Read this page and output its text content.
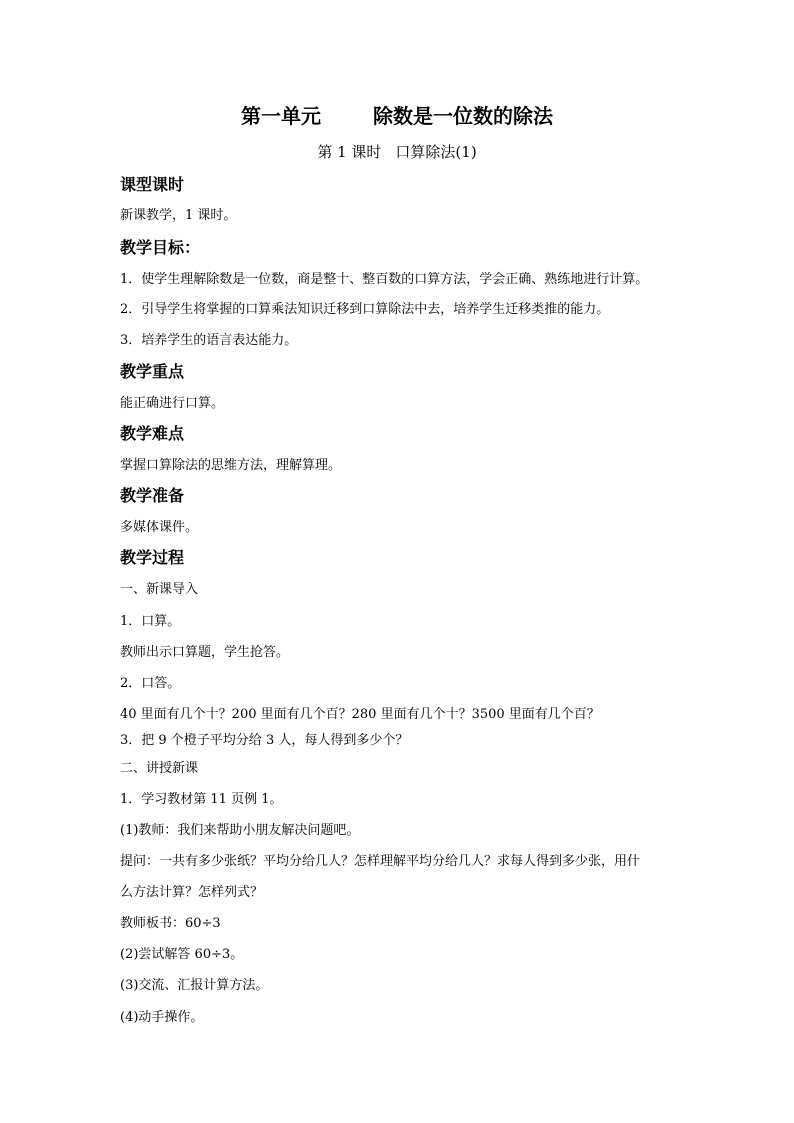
第一单元	除数是一位数的除法
第 1 课时 口算除法(1)
课型课时
新课教学，1 课时。
教学目标：
1．使学生理解除数是一位数，商是整十、整百数的口算方法，学会正确、熟练地进行计算。
2．引导学生将掌握的口算乘法知识迁移到口算除法中去，培养学生迁移类推的能力。
3．培养学生的语言表达能力。
教学重点
能正确进行口算。
教学难点
掌握口算除法的思维方法，理解算理。
教学准备
多媒体课件。
教学过程
一、新课导入
1．口算。
教师出示口算题，学生抢答。
2．口答。
40 里面有几个十？200 里面有几个百？280 里面有几个十？3500 里面有几个百？
3．把 9 个橙子平均分给 3 人，每人得到多少个？
二、讲授新课
1．学习教材第 11 页例 1。
(1)教师：我们来帮助小朋友解决问题吧。
提问：一共有多少张纸？平均分给几人？怎样理解平均分给几人？求每人得到多少张，用什
么方法计算？怎样列式？
教师板书：60÷3
(2)尝试解答 60÷3。
(3)交流、汇报计算方法。
(4)动手操作。
